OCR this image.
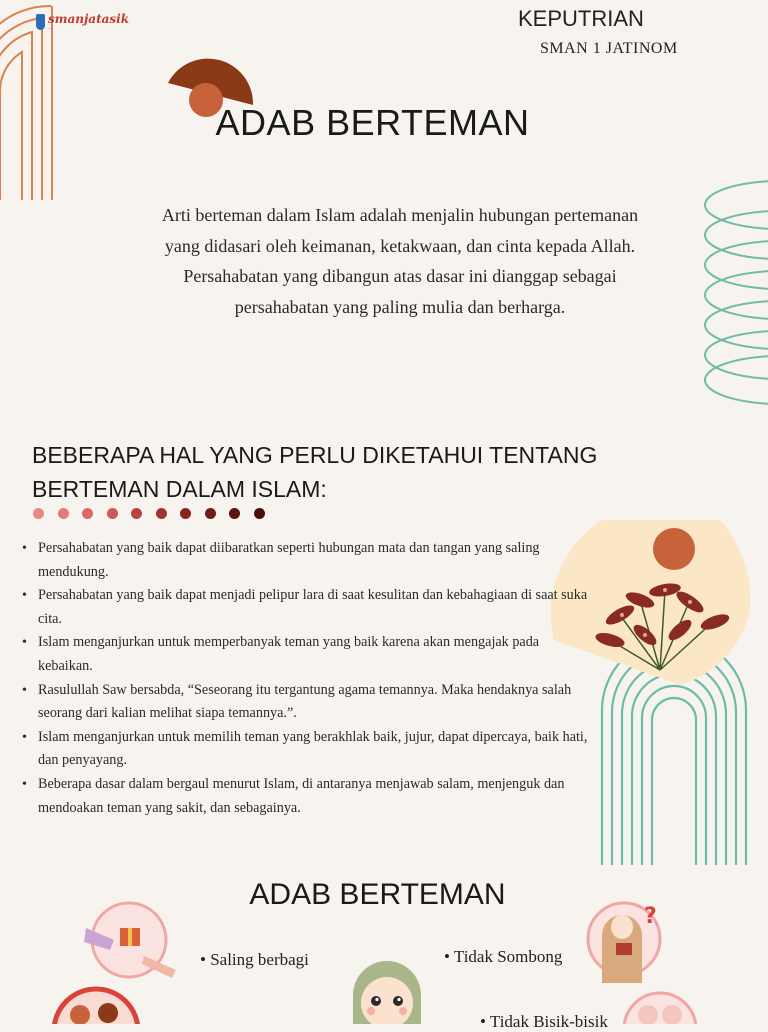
smanjatasik
...	KEPUTRIAN
SMAN 1 JATINOM
ADAB BERTEMAN
Arti berteman dalam Islam adalah menjalin hubungan pertemanan yang didasari oleh keimanan, ketakwaan, dan cinta kepada Allah. Persahabatan yang dibangun atas dasar ini dianggap sebagai persahabatan yang paling mulia dan berharga.
BEBERAPA HAL YANG PERLU DIKETAHUI TENTANG BERTEMAN DALAM ISLAM:
• Persahabatan yang baik dapat diibaratkan seperti hubungan mata dan tangan yang saling mendukung.
• Persahabatan yang baik dapat menjadi pelipur lara di saat kesulitan dan kebahagiaan di saat suka cita.
• Islam menganjurkan untuk memperbanyak teman yang baik karena akan mengajak pada kebaikan.
• Rasulullah Saw bersabda, “Seseorang itu tergantung agama temannya. Maka hendaknya salah seorang dari kalian melihat siapa temannya.”.
• Islam menganjurkan untuk memilih teman yang berakhlak baik, jujur, dapat dipercaya, baik hati, dan penyayang.
• Beberapa dasar dalam bergaul menurut Islam, di antaranya menjawab salam, menjenguk dan mendoakan teman yang sakit, dan sebagainya.
ADAB BERTEMAN
?
• Saling berbagi
•	Tidak Sombong
• Tidak Bisik-bisik
